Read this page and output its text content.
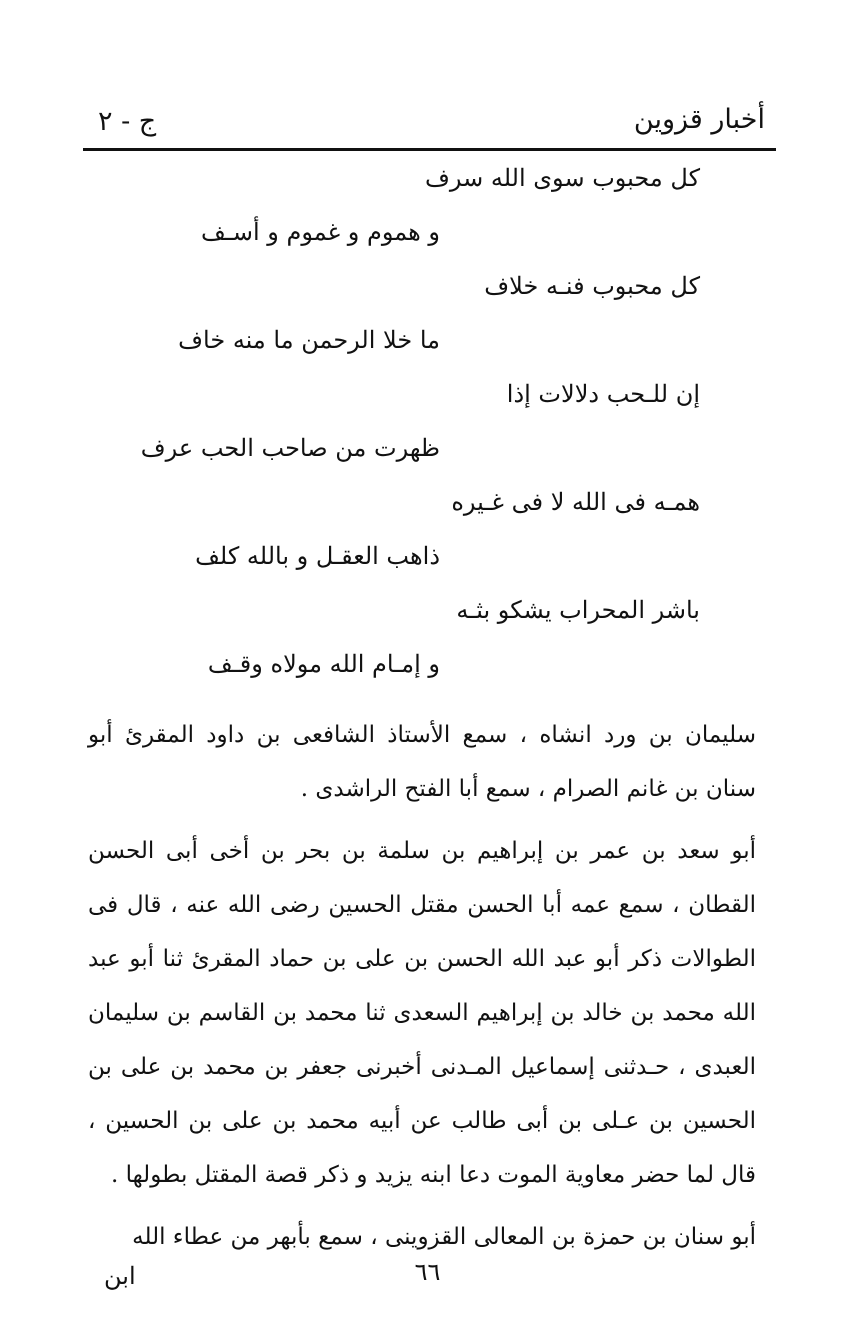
أخبار قزوين
ج - ٢
كل محبوب سوى الله سرف
و هموم و غموم و أسـف
كل محبوب فنـه خلاف
ما خلا الرحمن ما منه خاف
إن للـحب دلالات إذا
ظهرت من صاحب الحب عرف
همـه فى الله لا فى غـيره
ذاهب العقـل و بالله كلف
باشر المحراب يشكو بثـه
و إمـام الله مولاه وقـف

سليمان بن ورد انشاه ، سمع الأستاذ الشافعى بن داود المقرئ أبو سنان بن غانم الصرام ، سمع أبا الفتح الراشدى .

أبو سعد بن عمر بن إبراهيم بن سلمة بن بحر بن أخى أبى الحسن القطان ، سمع عمه أبا الحسن مقتل الحسين رضى الله عنه ، قال فى الطوالات ذكر أبو عبد الله الحسن بن على بن حماد المقرئ ثنا أبو عبد الله محمد بن خالد بن إبراهيم السعدى ثنا محمد بن القاسم بن سليمان العبدى ، حـدثنى إسماعيل المـدنى أخبرنى جعفر بن محمد بن على بن الحسين بن عـلى بن أبى طالب عن أبيه محمد بن على بن الحسين ، قال لما حضر معاوية الموت دعا ابنه يزيد و ذكر قصة المقتل بطولها .

أبو سنان بن حمزة بن المعالى القزوينى ، سمع بأبهر من عطاء الله

٦٦
ابن
